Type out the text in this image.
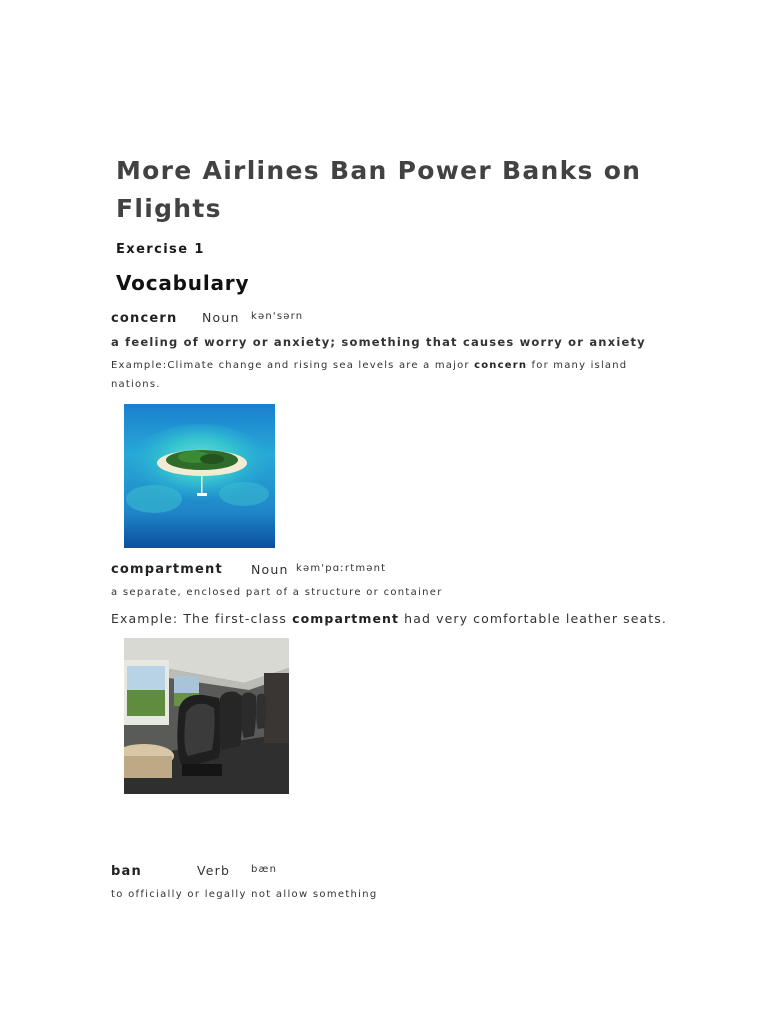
More Airlines Ban Power Banks on Flights
Exercise 1
Vocabulary
concern Noun kən'sərn
a feeling of worry or anxiety; something that causes worry or anxiety
Example:Climate change and rising sea levels are a major concern for many island nations.
compartment Noun kəm'pɑːrtmənt
a separate, enclosed part of a structure or container
Example: The first-class compartment had very comfortable leather seats.
ban	Verb bæn
to officially or legally not allow something
